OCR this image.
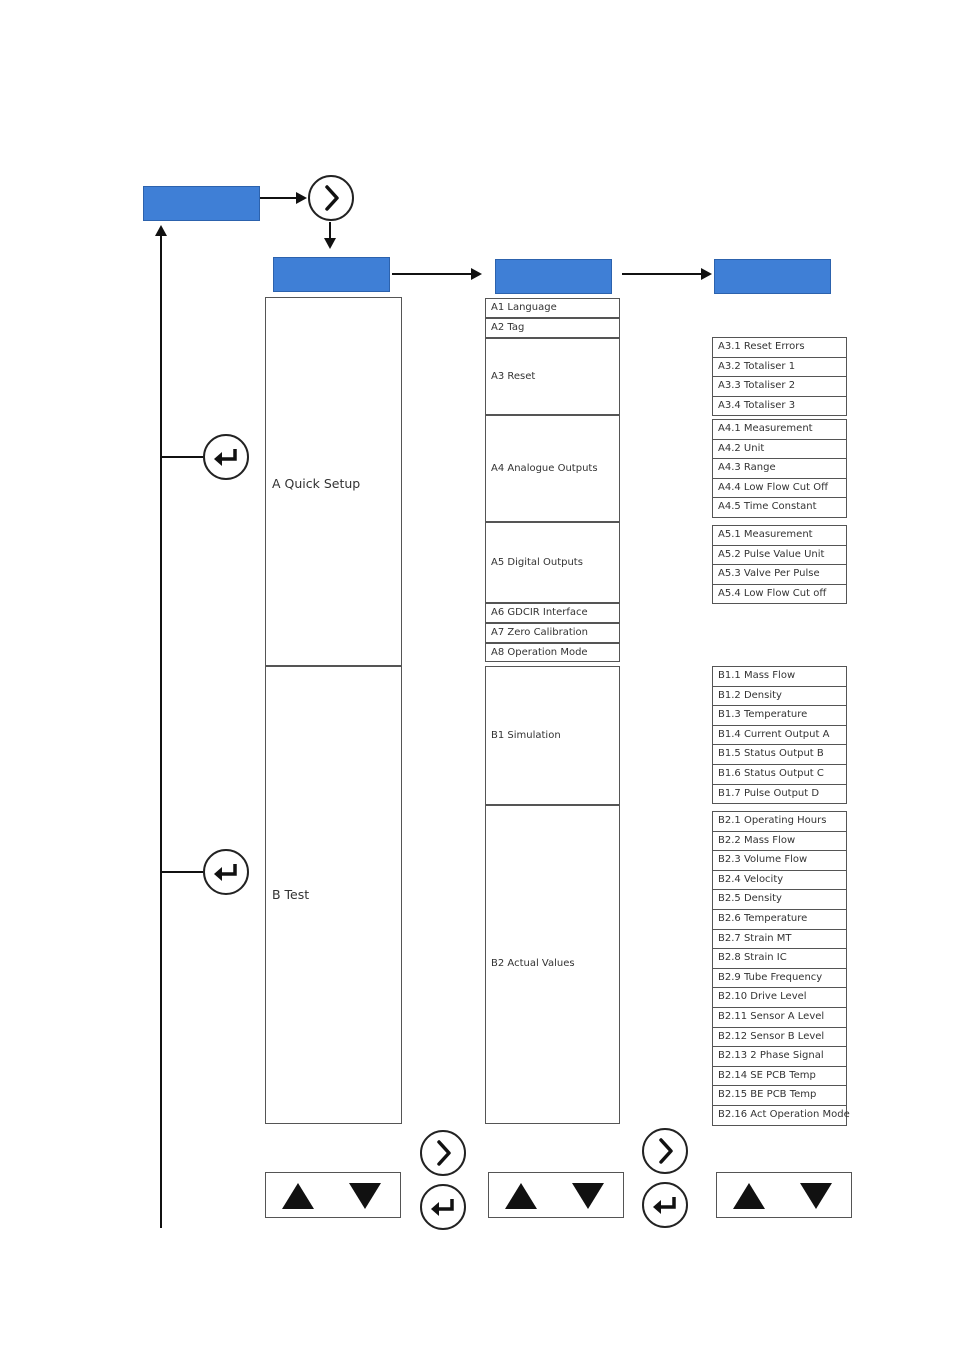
A Quick Setup
B Test
A1 Language
A2 Tag
A3 Reset
A4 Analogue Outputs
A5 Digital Outputs
A6 GDCIR Interface
A7 Zero Calibration
A8 Operation Mode
B1 Simulation
B2 Actual Values
A3.1 Reset Errors
A3.2 Totaliser 1
A3.3 Totaliser 2
A3.4 Totaliser 3
A4.1 Measurement
A4.2 Unit
A4.3 Range
A4.4 Low Flow Cut Off
A4.5 Time Constant
A5.1 Measurement
A5.2 Pulse Value Unit
A5.3 Valve Per Pulse
A5.4 Low Flow Cut off
B1.1 Mass Flow
B1.2 Density
B1.3 Temperature
B1.4 Current Output A
B1.5 Status Output B
B1.6 Status Output C
B1.7 Pulse Output D
B2.1 Operating Hours
B2.2 Mass Flow
B2.3 Volume Flow
B2.4 Velocity
B2.5 Density
B2.6 Temperature
B2.7 Strain MT
B2.8 Strain IC
B2.9 Tube Frequency
B2.10 Drive Level
B2.11 Sensor A Level
B2.12 Sensor B Level
B2.13 2 Phase Signal
B2.14 SE PCB Temp
B2.15 BE PCB Temp
B2.16 Act Operation Mode
